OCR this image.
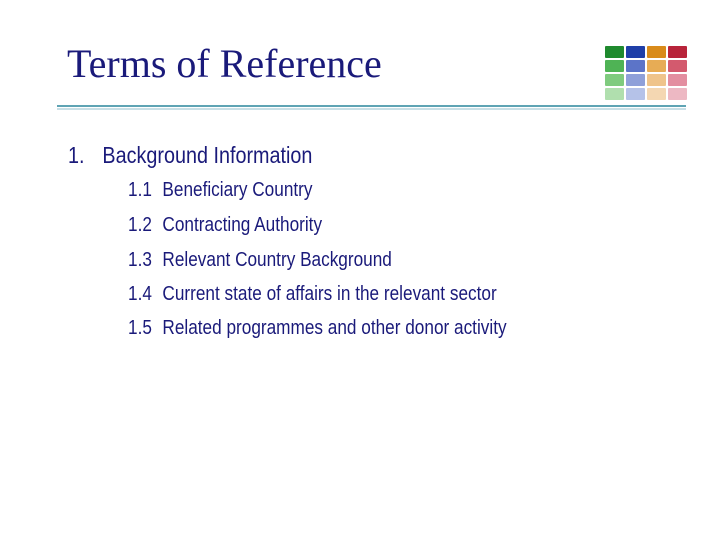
Terms of Reference
1. Background Information
1.1 Beneficiary Country
1.2 Contracting Authority
1.3 Relevant Country Background
1.4 Current state of affairs in the relevant sector
1.5 Related programmes and other donor activity
